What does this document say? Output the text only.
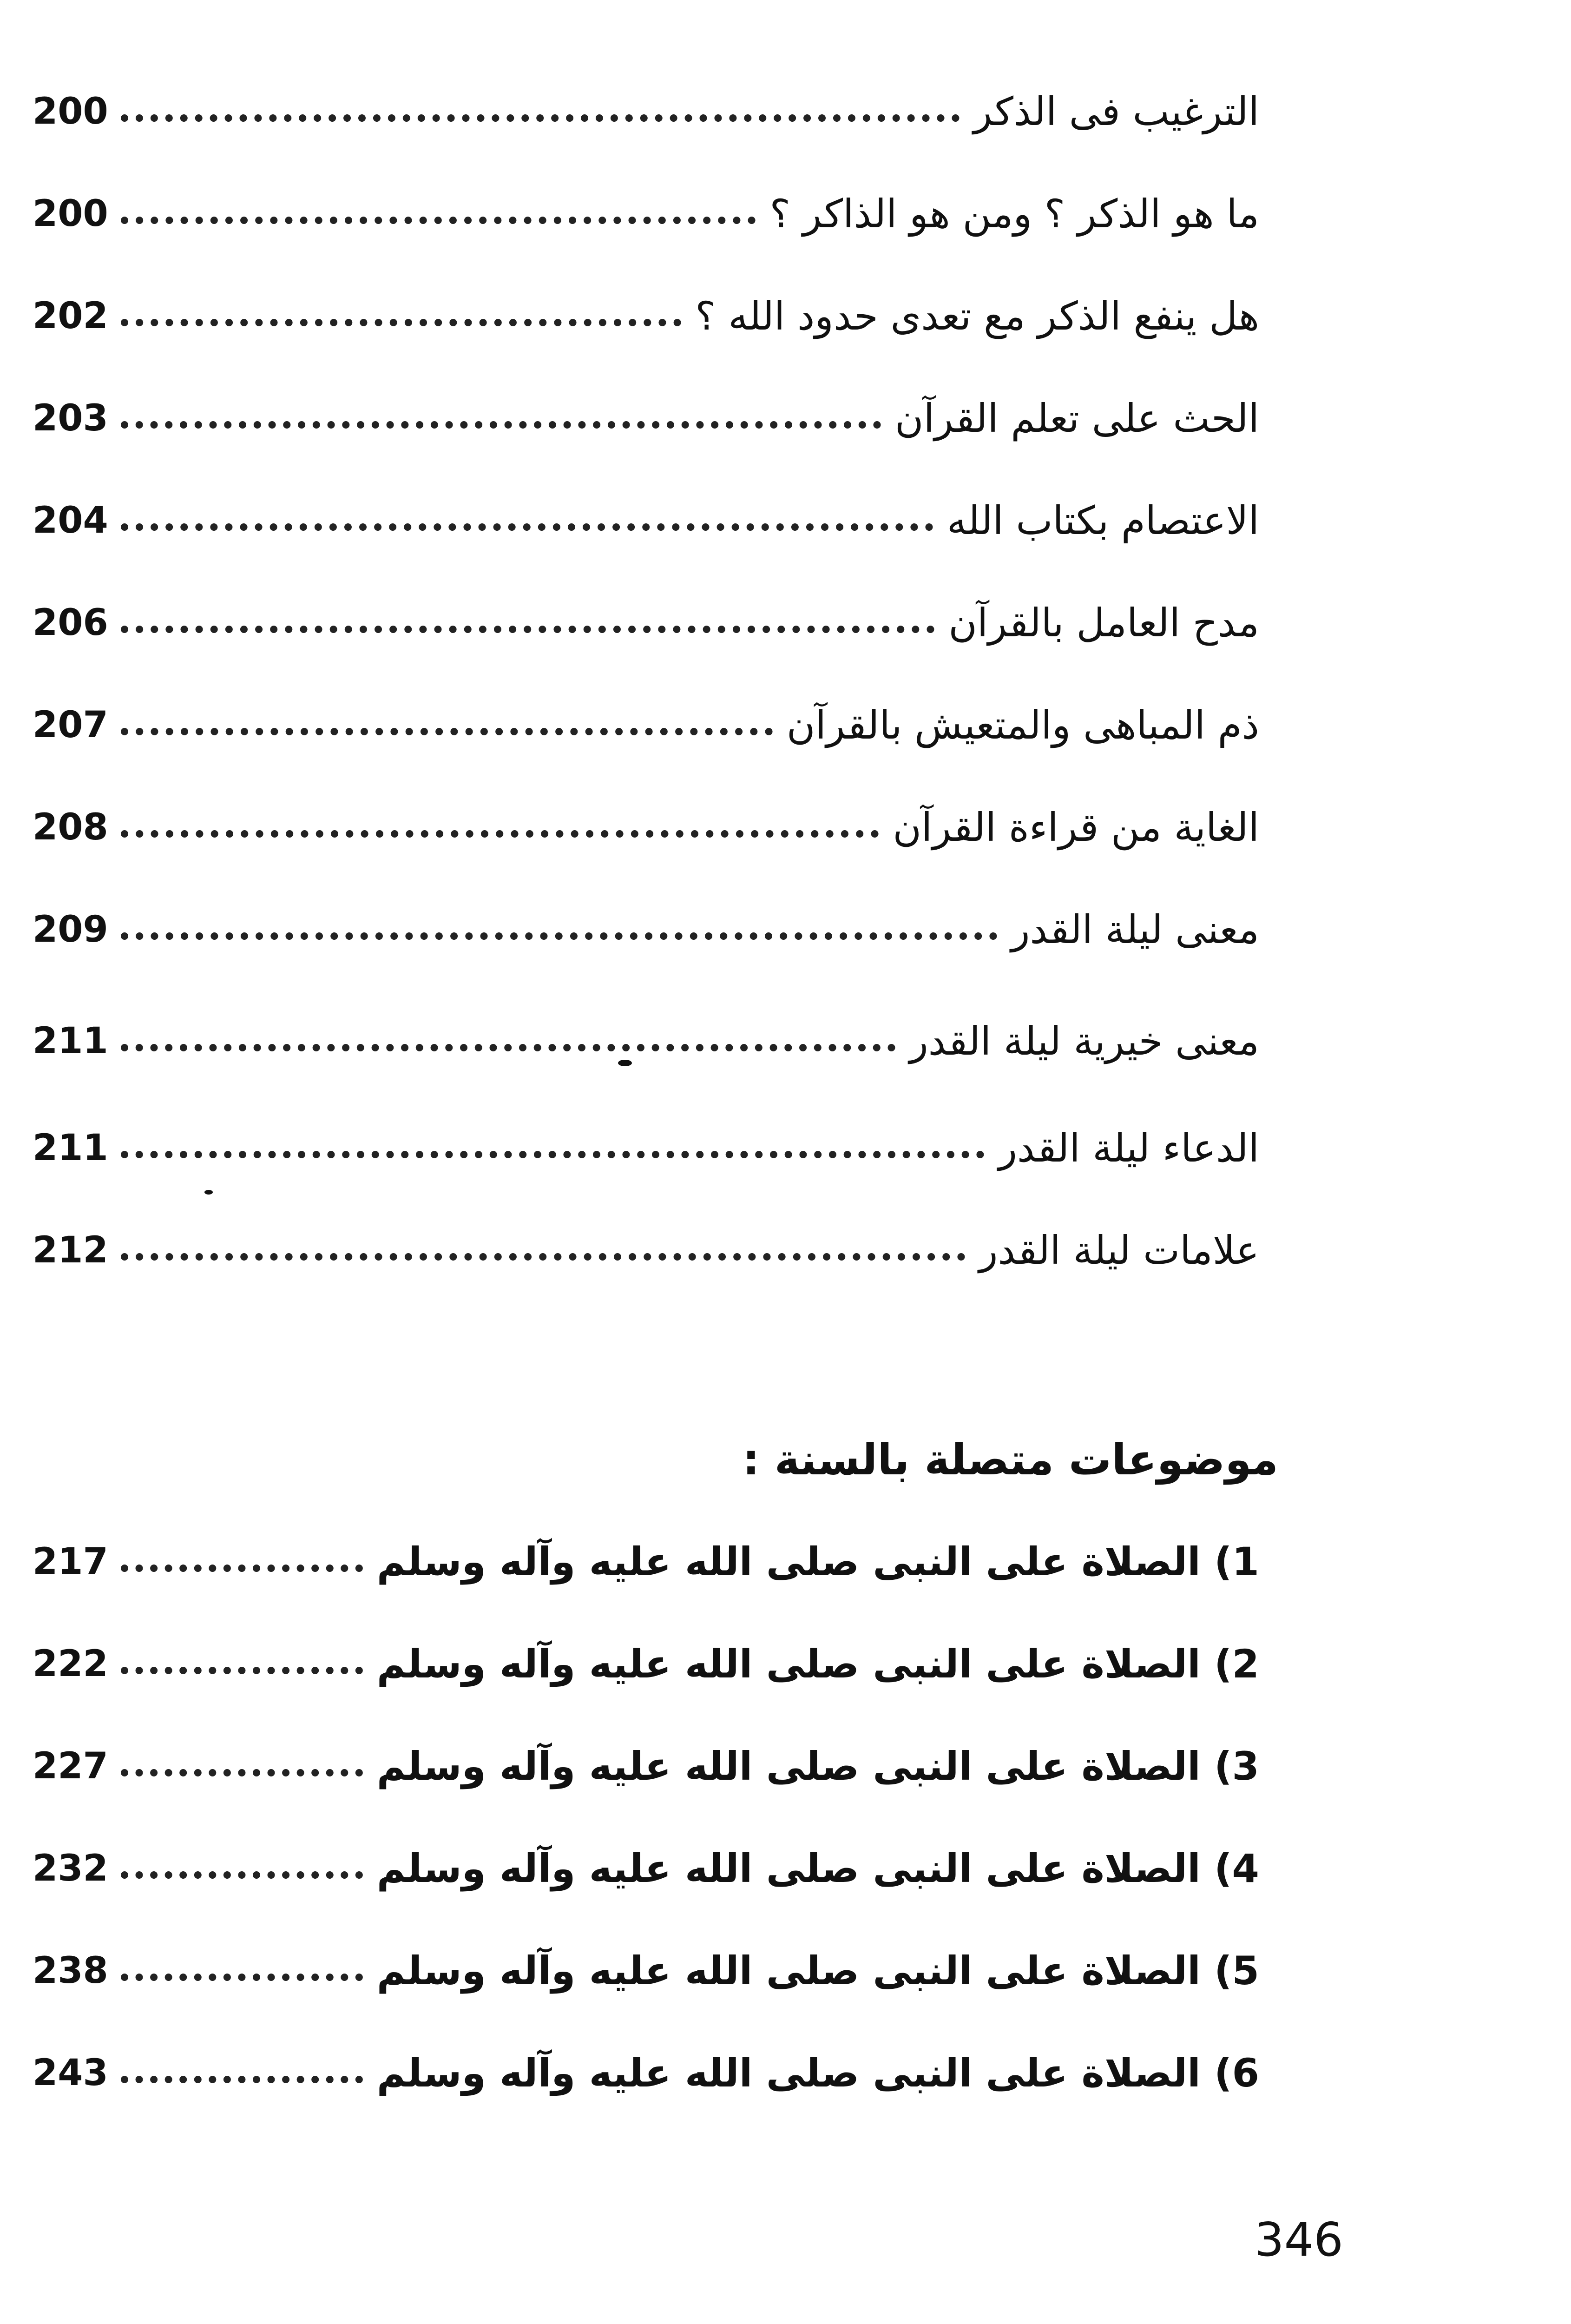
200	الترغيب فى الذكر
200	ما هو الذكر ؟ ومن هو الذاكر ؟
202	هل ينفع الذكر مع تعدى حدود الله ؟
203	الحث على تعلم القرآن
204	الاعتصام بكتاب الله
206	مدح العامل بالقرآن
207	ذم المباهى والمتعيش بالقرآن
208	الغاية من قراءة القرآن
209	معنى ليلة القدر
211	معنى خيرية ليلة القدر
211	الدعاء ليلة القدر
212	علامات ليلة القدر
217	1) الصلاة على النبى صلى الله عليه وآله وسلم
222	2) الصلاة على النبى صلى الله عليه وآله وسلم
227	3) الصلاة على النبى صلى الله عليه وآله وسلم
232	4) الصلاة على النبى صلى الله عليه وآله وسلم
238	5) الصلاة على النبى صلى الله عليه وآله وسلم
243	6) الصلاة على النبى صلى الله عليه وآله وسلم
موضوعات متصلة بالسنة :
346
